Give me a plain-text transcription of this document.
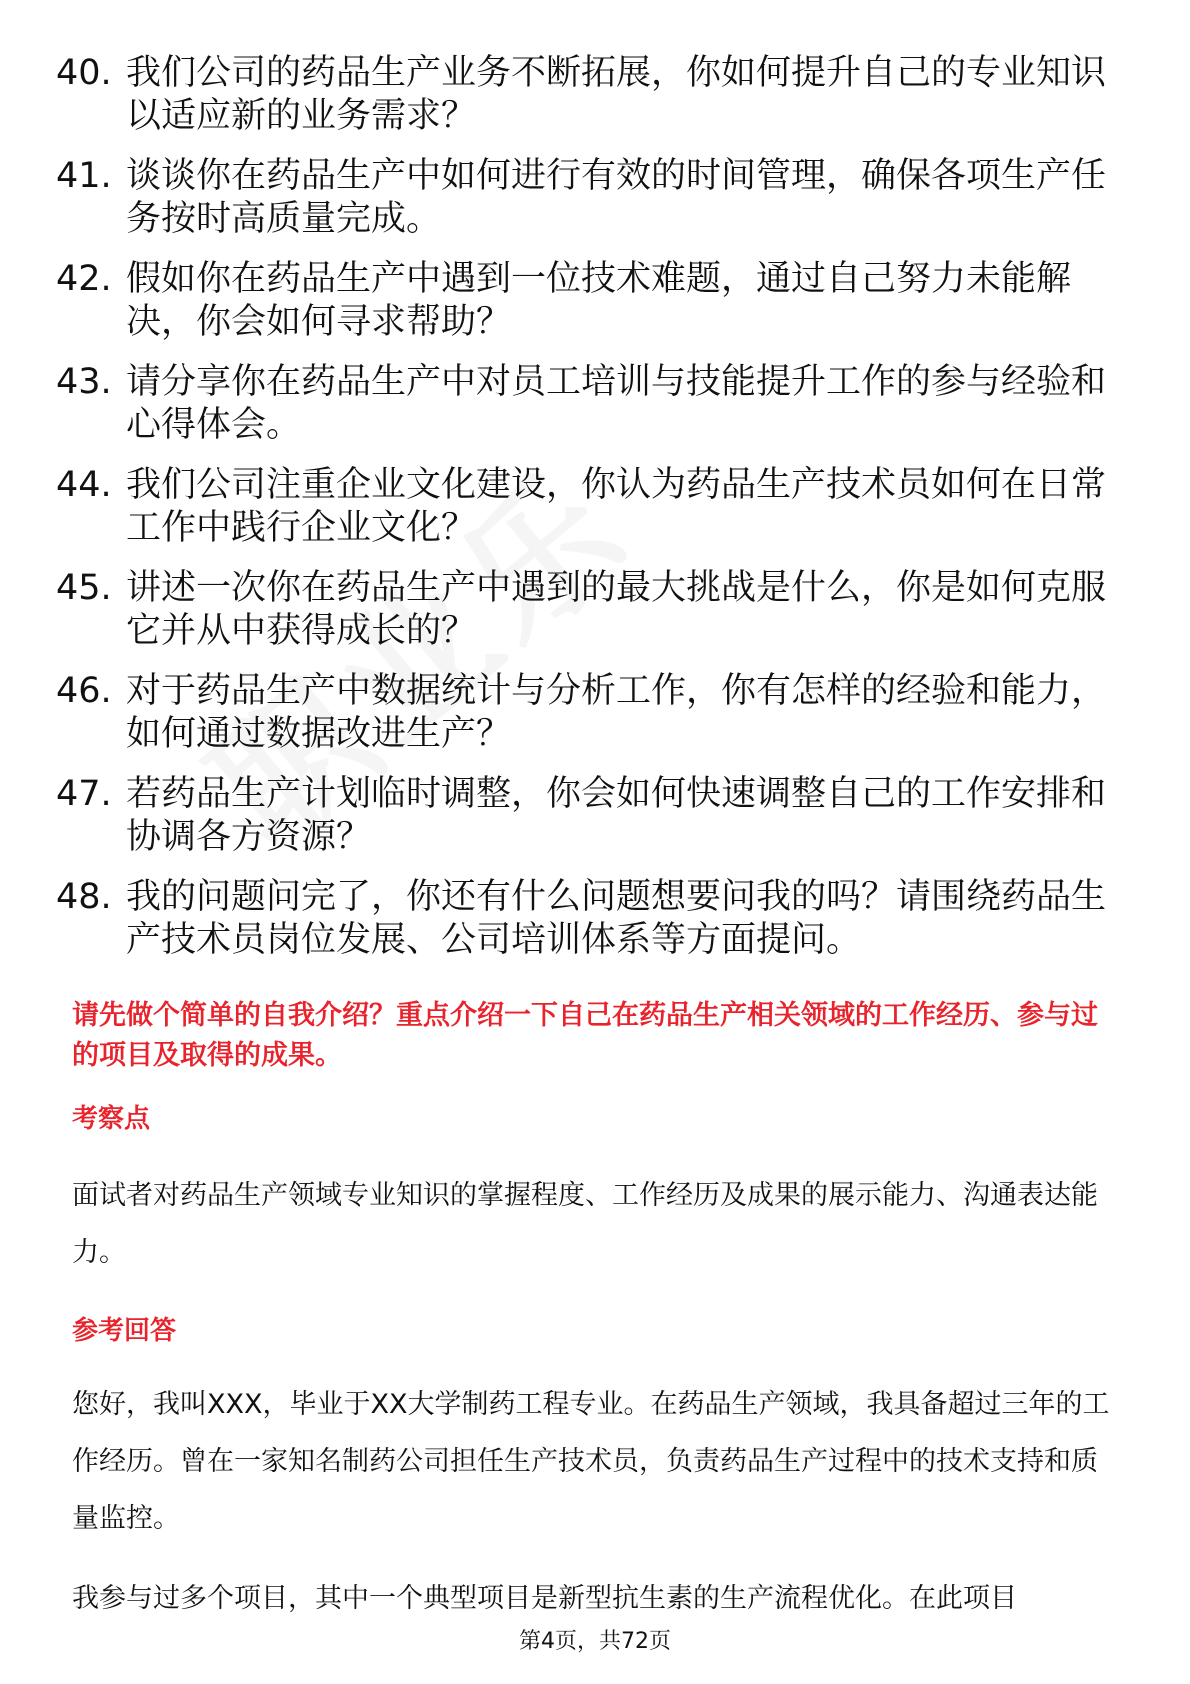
40. 我们公司的药品生产业务不断拓展，你如何提升自己的专业知识以适应新的业务需求？
41. 谈谈你在药品生产中如何进行有效的时间管理，确保各项生产任务按时高质量完成。
42. 假如你在药品生产中遇到一位技术难题，通过自己努力未能解决，你会如何寻求帮助？
43. 请分享你在药品生产中对员工培训与技能提升工作的参与经验和心得体会。
44. 我们公司注重企业文化建设，你认为药品生产技术员如何在日常工作中践行企业文化？
45. 讲述一次你在药品生产中遇到的最大挑战是什么，你是如何克服它并从中获得成长的？
46. 对于药品生产中数据统计与分析工作，你有怎样的经验和能力，如何通过数据改进生产？
47. 若药品生产计划临时调整，你会如何快速调整自己的工作安排和协调各方资源？
48. 我的问题问完了，你还有什么问题想要问我的吗？请围绕药品生产技术员岗位发展、公司培训体系等方面提问。

请先做个简单的自我介绍？重点介绍一下自己在药品生产相关领域的工作经历、参与过的项目及取得的成果。

考察点

面试者对药品生产领域专业知识的掌握程度、工作经历及成果的展示能力、沟通表达能力。

参考回答

您好，我叫XXX，毕业于XX大学制药工程专业。在药品生产领域，我具备超过三年的工作经历。曾在一家知名制药公司担任生产技术员，负责药品生产过程中的技术支持和质量监控。

我参与过多个项目，其中一个典型项目是新型抗生素的生产流程优化。在此项目

第4页，共72页
